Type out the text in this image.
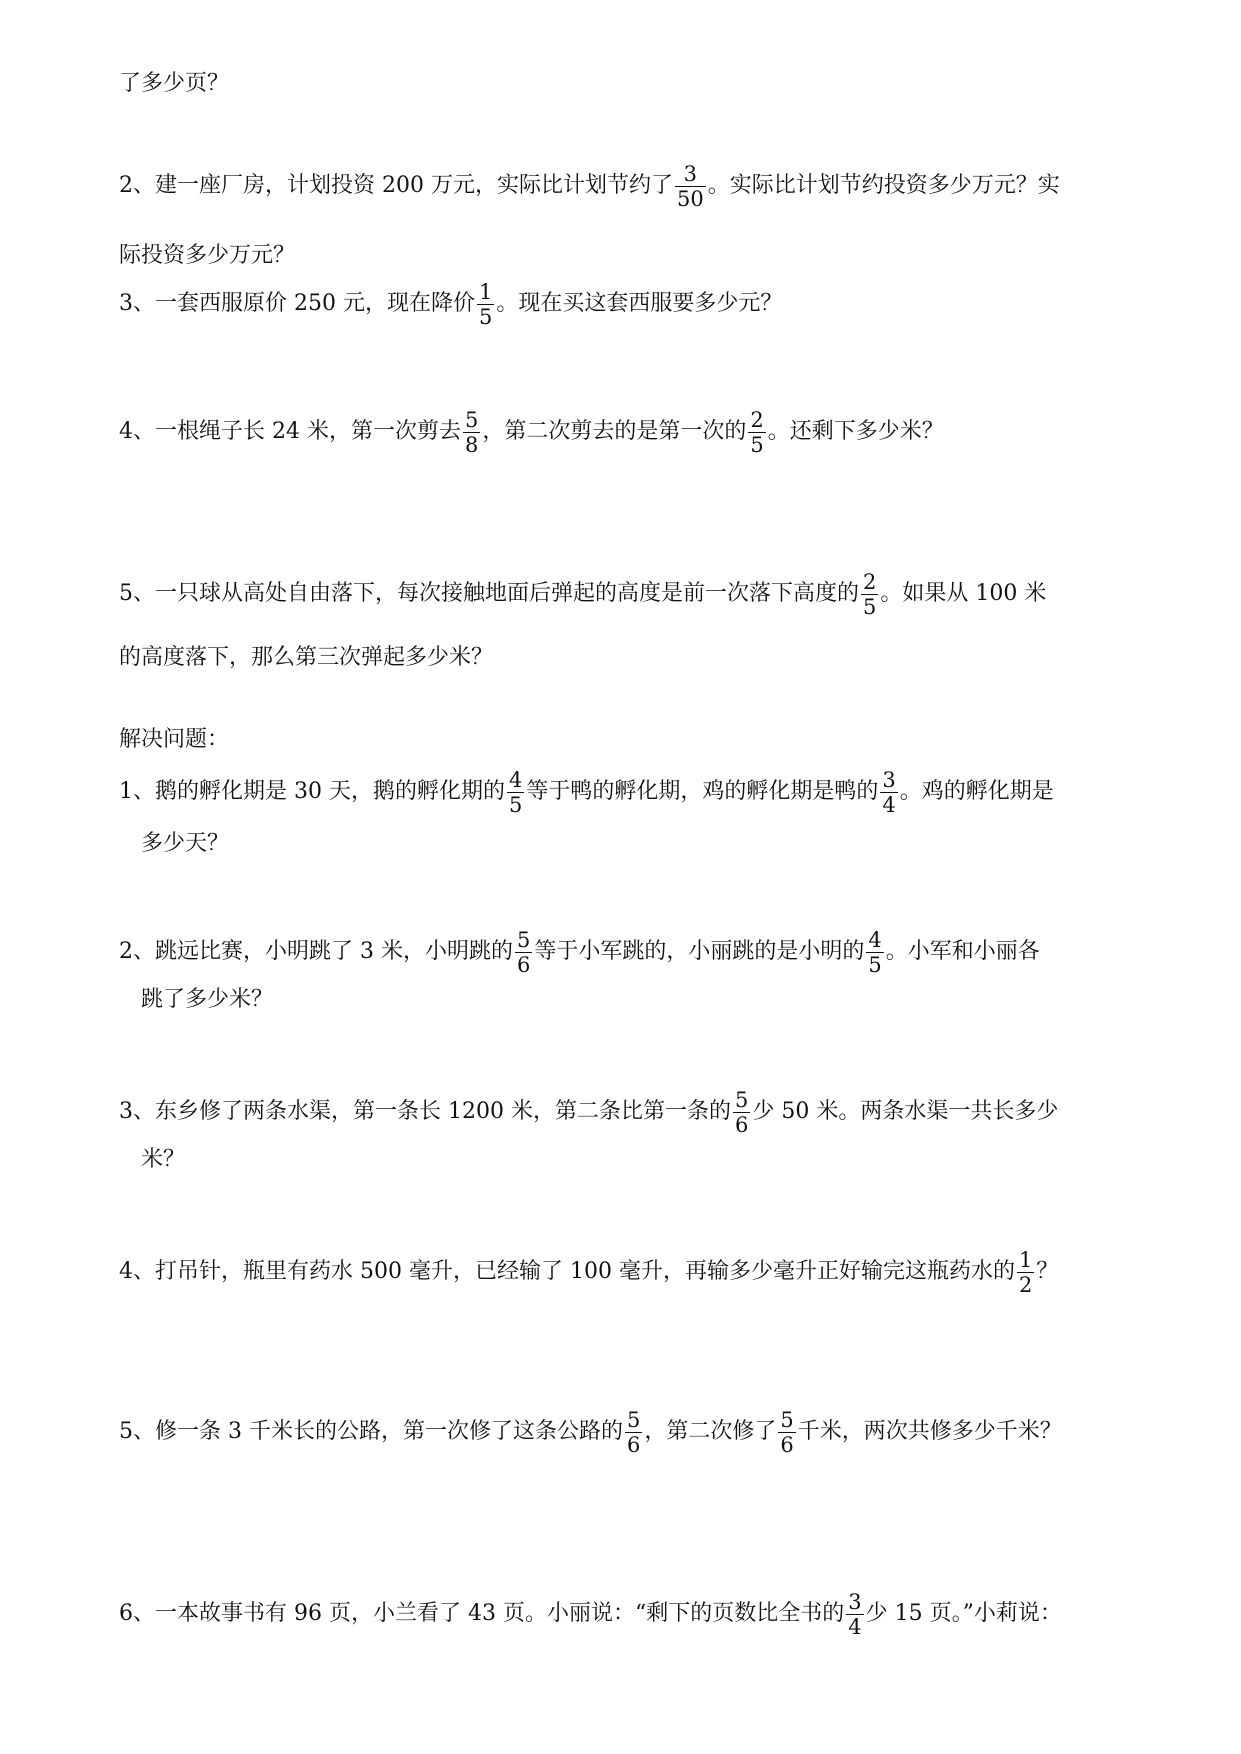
了多少页？
2、建一座厂房，计划投资 200 万元，实际比计划节约了 $\frac{3}{50}$ 。实际比计划节约投资多少万元？实
际投资多少万元？
3、一套西服原价 250 元，现在降价 $\frac{1}{5}$ 。现在买这套西服要多少元？
4、一根绳子长 24 米，第一次剪去 $\frac{5}{8}$ ，第二次剪去的是第一次的 $\frac{2}{5}$ 。还剩下多少米？
5、一只球从高处自由落下，每次接触地面后弹起的高度是前一次落下高度的 $\frac{2}{5}$ 。如果从 100 米
的高度落下，那么第三次弹起多少米？
解决问题：
1、鹅的孵化期是 30 天，鹅的孵化期的 $\frac{4}{5}$ 等于鸭的孵化期，鸡的孵化期是鸭的 $\frac{3}{4}$ 。鸡的孵化期是
多少天？
2、跳远比赛，小明跳了 3 米，小明跳的 $\frac{5}{6}$ 等于小军跳的，小丽跳的是小明的 $\frac{4}{5}$ 。小军和小丽各
跳了多少米？
3、东乡修了两条水渠，第一条长 1200 米，第二条比第一条的 $\frac{5}{6}$ 少 50 米。两条水渠一共长多少
米？
4、打吊针，瓶里有药水 500 毫升，已经输了 100 毫升，再输多少毫升正好输完这瓶药水的 $\frac{1}{2}$ ？
5、修一条 3 千米长的公路，第一次修了这条公路的 $\frac{5}{6}$ ，第二次修了 $\frac{5}{6}$ 千米，两次共修多少千米？
6、一本故事书有 96 页，小兰看了 43 页。小丽说：“剩下的页数比全书的 $\frac{3}{4}$ 少 15 页。”小莉说：
